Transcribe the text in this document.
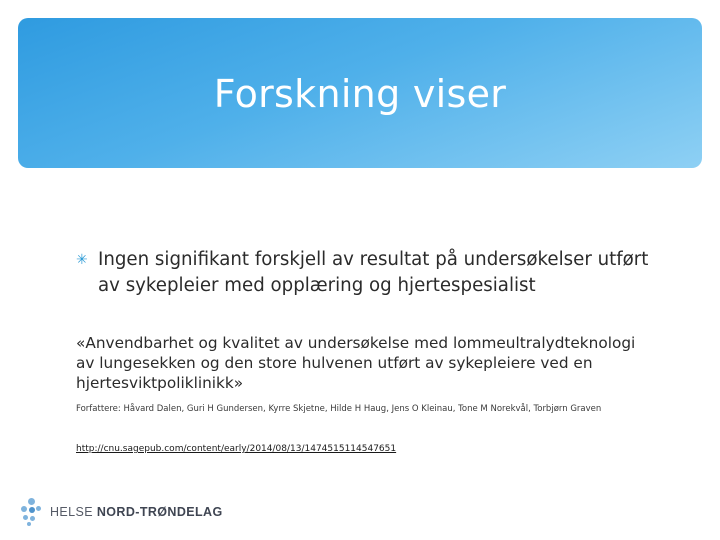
Forskning viser
✳ Ingen signifikant forskjell av resultat på undersøkelser utført av sykepleier med opplæring og hjertespesialist
«Anvendbarhet og kvalitet av undersøkelse med lommeultralydteknologi av lungesekken og den store hulvenen utført av sykepleiere ved en hjertesviktpoliklinikk»
Forfattere: Håvard Dalen, Guri H Gundersen, Kyrre Skjetne, Hilde H Haug, Jens O Kleinau, Tone M Norekvål, Torbjørn Graven
http://cnu.sagepub.com/content/early/2014/08/13/1474515114547651
HELSE NORD-TRØNDELAG
